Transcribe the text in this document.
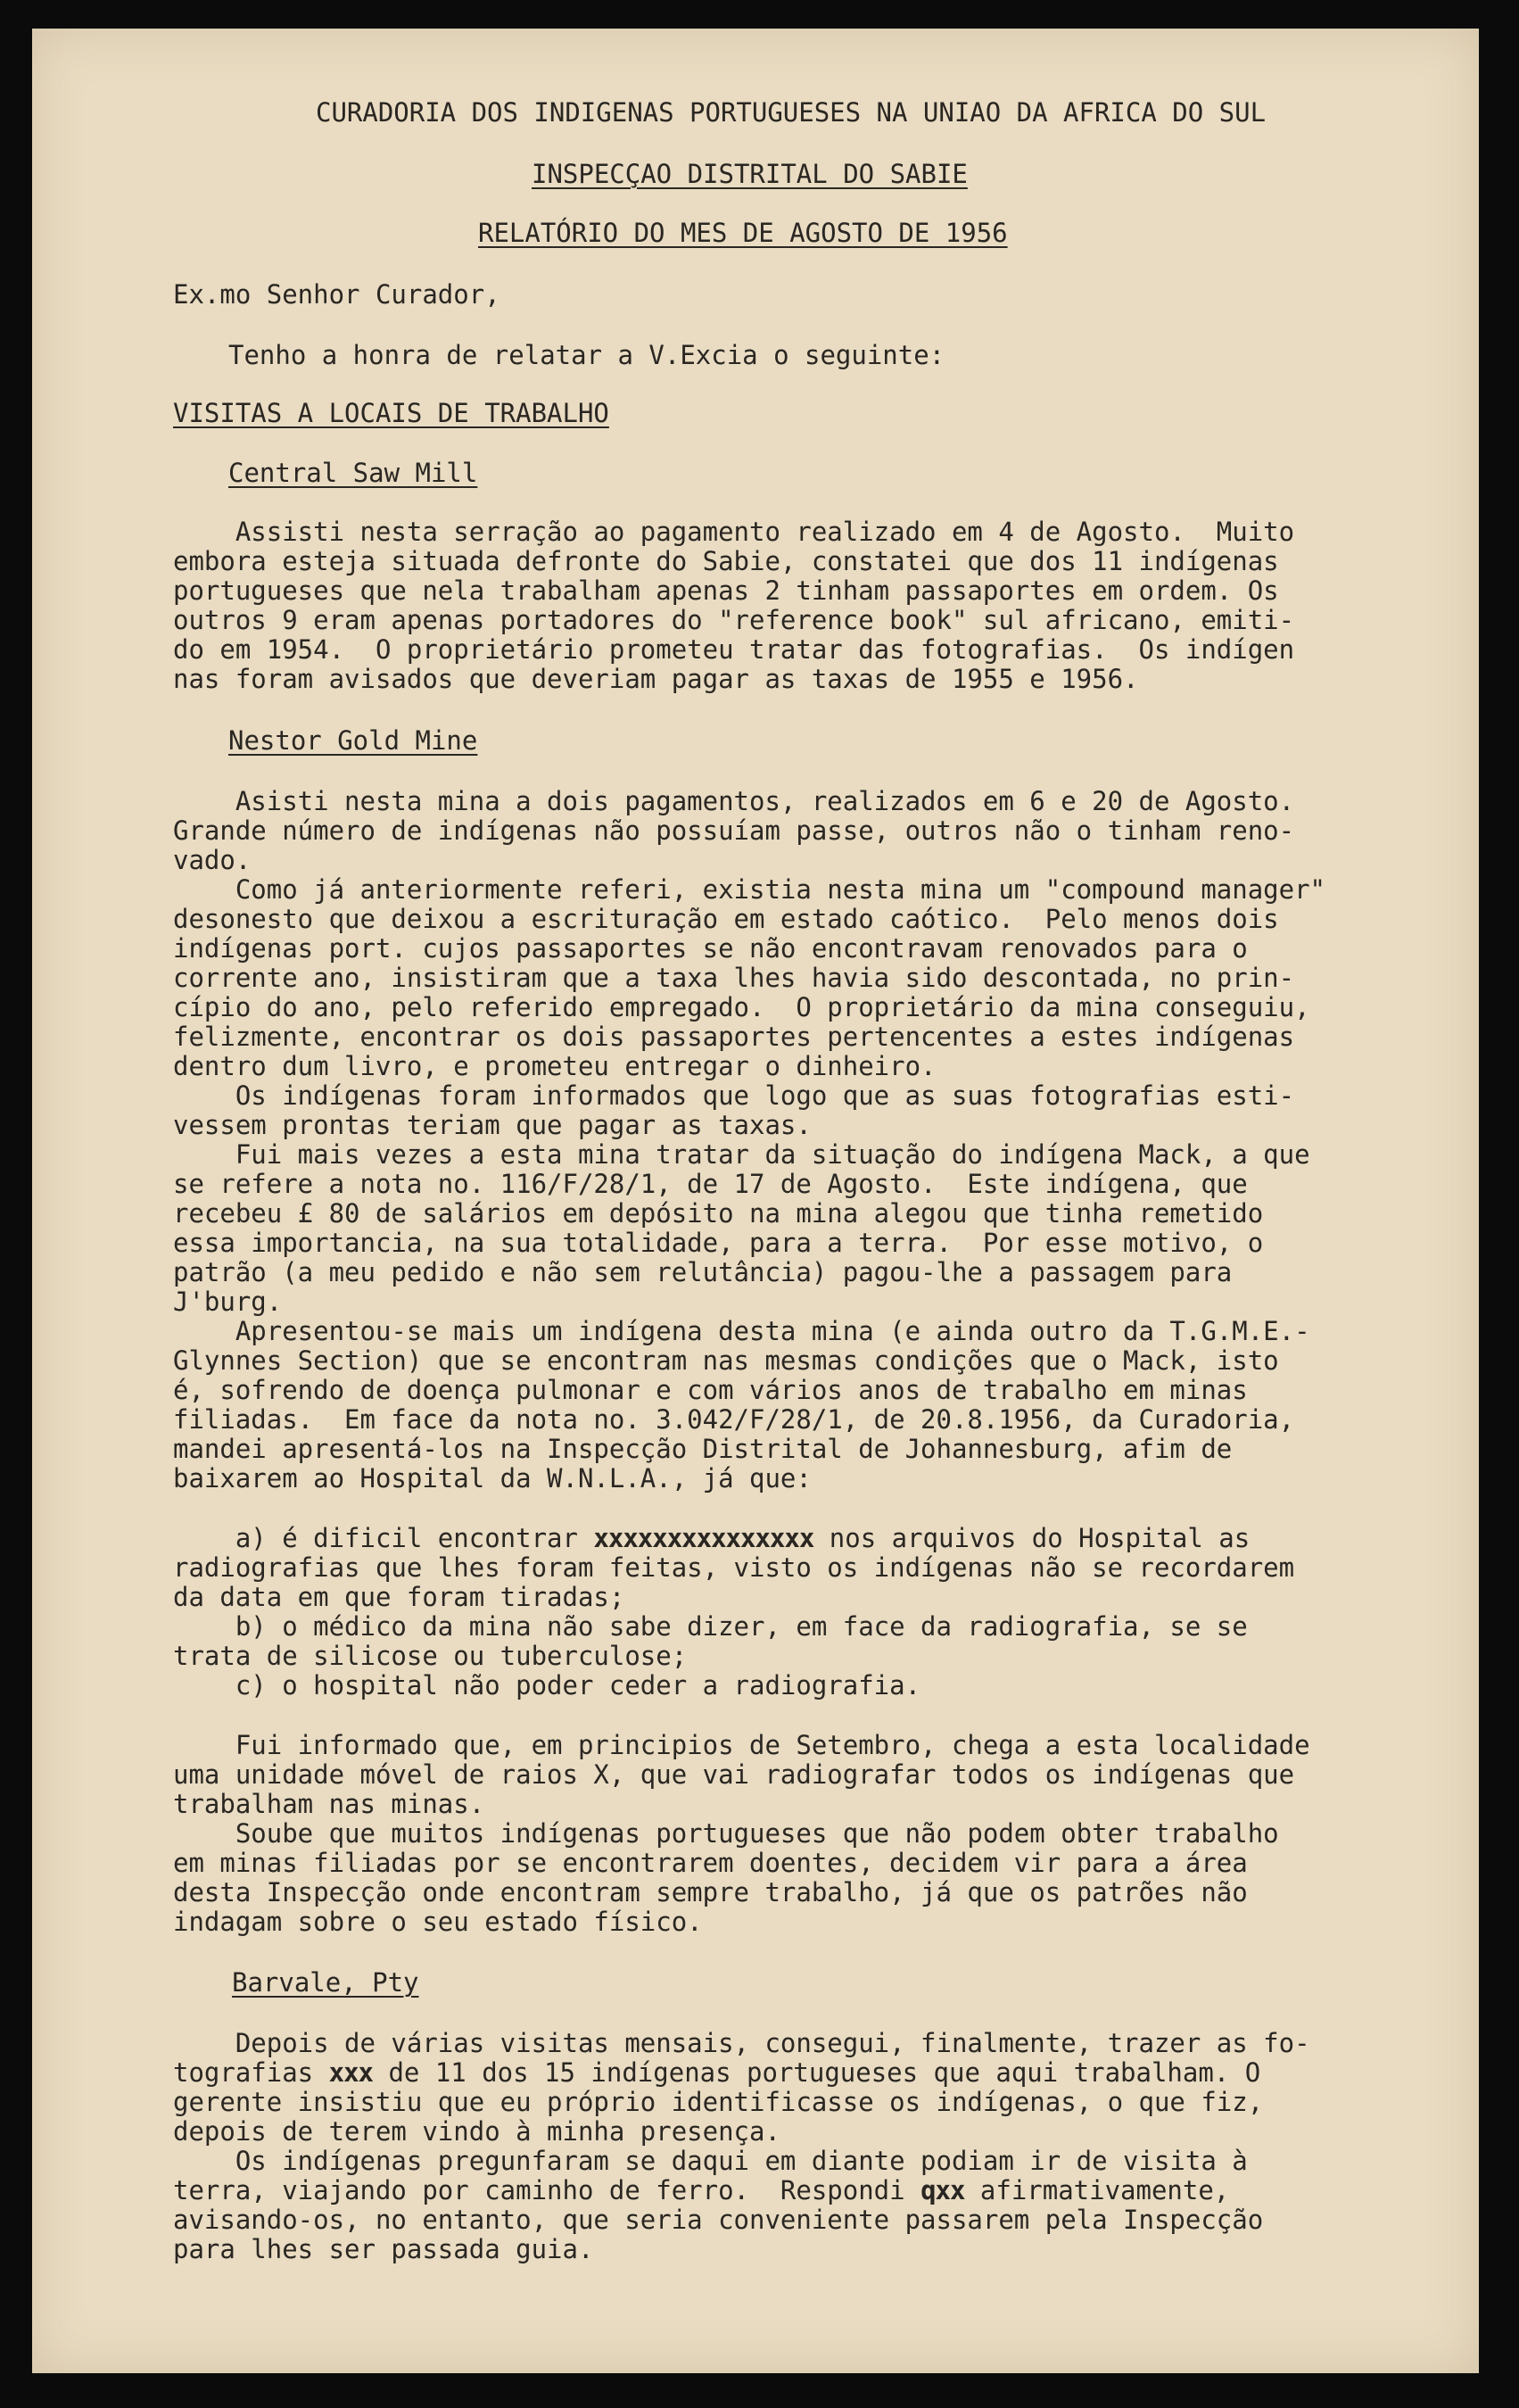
CURADORIA DOS INDIGENAS PORTUGUESES NA UNIAO DA AFRICA DO SUL

INSPECÇAO DISTRITAL DO SABIE

RELATÓRIO DO MES DE AGOSTO DE 1956

Ex.mo Senhor Curador,

Tenho a honra de relatar a V.Excia o seguinte:

VISITAS A LOCAIS DE TRABALHO

Central Saw Mill

Assisti nesta serração ao pagamento realizado em 4 de Agosto.  Muito

embora esteja situada defronte do Sabie, constatei que dos 11 indígenas

portugueses que nela trabalham apenas 2 tinham passaportes em ordem. Os

outros 9 eram apenas portadores do "reference book" sul africano, emiti-

do em 1954.  O proprietário prometeu tratar das fotografias.  Os indígen

nas foram avisados que deveriam pagar as taxas de 1955 e 1956.

Nestor Gold Mine

Asisti nesta mina a dois pagamentos, realizados em 6 e 20 de Agosto.

Grande número de indígenas não possuíam passe, outros não o tinham reno-

vado.

Como já anteriormente referi, existia nesta mina um "compound manager"

desonesto que deixou a escrituração em estado caótico.  Pelo menos dois

indígenas port. cujos passaportes se não encontravam renovados para o

corrente ano, insistiram que a taxa lhes havia sido descontada, no prin-

cípio do ano, pelo referido empregado.  O proprietário da mina conseguiu,

felizmente, encontrar os dois passaportes pertencentes a estes indígenas

dentro dum livro, e prometeu entregar o dinheiro.

Os indígenas foram informados que logo que as suas fotografias esti-

vessem prontas teriam que pagar as taxas.

Fui mais vezes a esta mina tratar da situação do indígena Mack, a que

se refere a nota no. 116/F/28/1, de 17 de Agosto.  Este indígena, que

recebeu £ 80 de salários em depósito na mina alegou que tinha remetido

essa importancia, na sua totalidade, para a terra.  Por esse motivo, o

patrão (a meu pedido e não sem relutância) pagou-lhe a passagem para

J'burg.

Apresentou-se mais um indígena desta mina (e ainda outro da T.G.M.E.-

Glynnes Section) que se encontram nas mesmas condições que o Mack, isto

é, sofrendo de doença pulmonar e com vários anos de trabalho em minas

filiadas.  Em face da nota no. 3.042/F/28/1, de 20.8.1956, da Curadoria,

mandei apresentá-los na Inspecção Distrital de Johannesburg, afim de

baixarem ao Hospital da W.N.L.A., já que:

a) é dificil encontrar xxxxxxxxxxxxxxx nos arquivos do Hospital as

radiografias que lhes foram feitas, visto os indígenas não se recordarem

da data em que foram tiradas;

b) o médico da mina não sabe dizer, em face da radiografia, se se

trata de silicose ou tuberculose;

c) o hospital não poder ceder a radiografia.

Fui informado que, em principios de Setembro, chega a esta localidade

uma unidade móvel de raios X, que vai radiografar todos os indígenas que

trabalham nas minas.

Soube que muitos indígenas portugueses que não podem obter trabalho

em minas filiadas por se encontrarem doentes, decidem vir para a área

desta Inspecção onde encontram sempre trabalho, já que os patrões não

indagam sobre o seu estado físico.

Barvale, Pty

Depois de várias visitas mensais, consegui, finalmente, trazer as fo-

tografias xxx de 11 dos 15 indígenas portugueses que aqui trabalham. O

gerente insistiu que eu próprio identificasse os indígenas, o que fiz,

depois de terem vindo à minha presença.

Os indígenas pregunfaram se daqui em diante podiam ir de visita à

terra, viajando por caminho de ferro.  Respondi qxx afirmativamente,

avisando-os, no entanto, que seria conveniente passarem pela Inspecção

para lhes ser passada guia.
